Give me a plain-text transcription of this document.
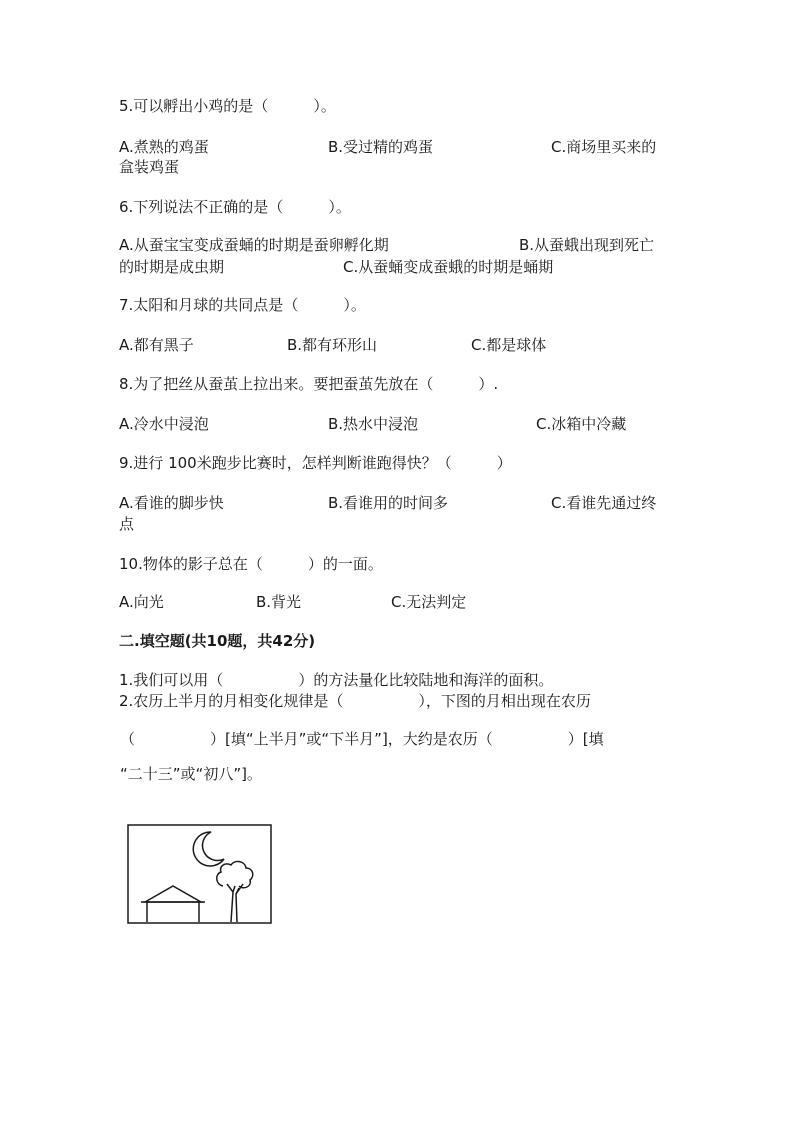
5.可以孵出小鸡的是（　　　）。
A.煮熟的鸡蛋	B.受过精的鸡蛋	C.商场里买来的
盒装鸡蛋
6.下列说法不正确的是（　　　）。
A.从蚕宝宝变成蚕蛹的时期是蚕卵孵化期	B.从蚕蛾出现到死亡
的时期是成虫期	C.从蚕蛹变成蚕蛾的时期是蛹期
7.太阳和月球的共同点是（　　　）。
A.都有黑子	B.都有环形山	C.都是球体
8.为了把丝从蚕茧上拉出来。要把蚕茧先放在（　　　）.
A.冷水中浸泡	B.热水中浸泡	C.冰箱中冷藏
9.进行 100米跑步比赛时，怎样判断谁跑得快？（　　　）
A.看谁的脚步快	B.看谁用的时间多	C.看谁先通过终
点
10.物体的影子总在（　　　）的一面。
A.向光	B.背光	C.无法判定
二.填空题(共10题，共42分)
1.我们可以用（　　　　　）的方法量化比较陆地和海洋的面积。
2.农历上半月的月相变化规律是（　　　　　），下图的月相出现在农历
（　　　　　）[填“上半月”或“下半月”]，大约是农历（　　　　　）[填
“二十三”或“初八”]。
